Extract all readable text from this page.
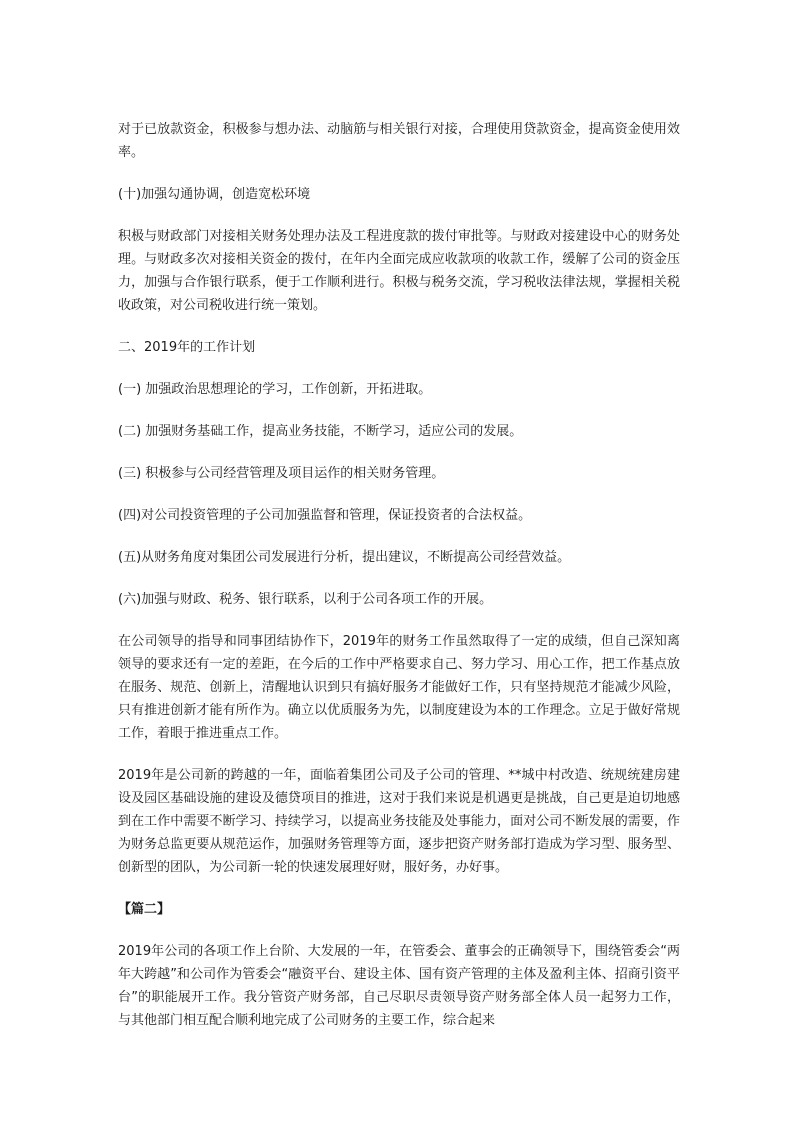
对于已放款资金，积极参与想办法、动脑筋与相关银行对接，合理使用贷款资金，提高资金使用效率。

(十)加强勾通协调，创造宽松环境

积极与财政部门对接相关财务处理办法及工程进度款的拨付审批等。与财政对接建设中心的财务处理。与财政多次对接相关资金的拨付，在年内全面完成应收款项的收款工作，缓解了公司的资金压力，加强与合作银行联系，便于工作顺利进行。积极与税务交流，学习税收法律法规，掌握相关税收政策，对公司税收进行统一策划。

二、2019年的工作计划

(一) 加强政治思想理论的学习，工作创新，开拓进取。

(二) 加强财务基础工作，提高业务技能，不断学习，适应公司的发展。

(三) 积极参与公司经营管理及项目运作的相关财务管理。

(四)对公司投资管理的子公司加强监督和管理，保证投资者的合法权益。

(五)从财务角度对集团公司发展进行分析，提出建议，不断提高公司经营效益。

(六)加强与财政、税务、银行联系，以利于公司各项工作的开展。

在公司领导的指导和同事团结协作下，2019年的财务工作虽然取得了一定的成绩，但自己深知离领导的要求还有一定的差距，在今后的工作中严格要求自己、努力学习、用心工作，把工作基点放在服务、规范、创新上，清醒地认识到只有搞好服务才能做好工作，只有坚持规范才能减少风险，只有推进创新才能有所作为。确立以优质服务为先，以制度建设为本的工作理念。立足于做好常规工作，着眼于推进重点工作。

2019年是公司新的跨越的一年，面临着集团公司及子公司的管理、**城中村改造、统规统建房建设及园区基础设施的建设及德贷项目的推进，这对于我们来说是机遇更是挑战，自己更是迫切地感到在工作中需要不断学习、持续学习，以提高业务技能及处事能力，面对公司不断发展的需要，作为财务总监更要从规范运作，加强财务管理等方面，逐步把资产财务部打造成为学习型、服务型、创新型的团队，为公司新一轮的快速发展理好财，服好务，办好事。

【篇二】

2019年公司的各项工作上台阶、大发展的一年，在管委会、董事会的正确领导下，围绕管委会“两年大跨越”和公司作为管委会“融资平台、建设主体、国有资产管理的主体及盈利主体、招商引资平台”的职能展开工作。我分管资产财务部，自己尽职尽责领导资产财务部全体人员一起努力工作，与其他部门相互配合顺利地完成了公司财务的主要工作，综合起来
